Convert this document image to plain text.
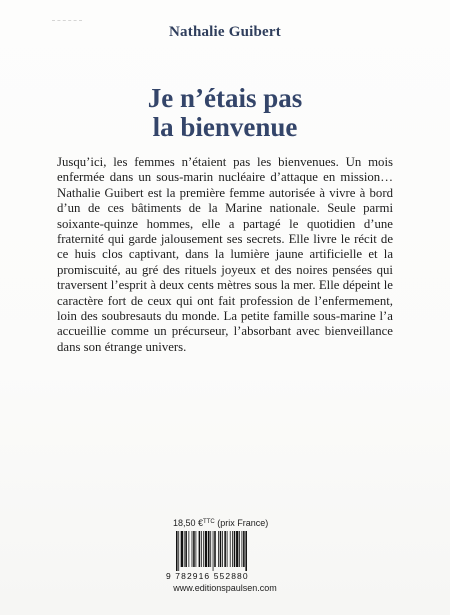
Nathalie Guibert
Je n’étais pas
la bienvenue

Jusqu’ici, les femmes n’étaient pas les bienvenues. Un mois enfermée dans un sous-marin nucléaire d’attaque en mission… Nathalie Guibert est la première femme autorisée à vivre à bord d’un de ces bâtiments de la Marine nationale. Seule parmi soixante-quinze hommes, elle a partagé le quotidien d’une fraternité qui garde jalousement ses secrets. Elle livre le récit de ce huis clos captivant, dans la lumière jaune artificielle et la promiscuité, au gré des rituels joyeux et des noires pensées qui traversent l’esprit à deux cents mètres sous la mer. Elle dépeint le caractère fort de ceux qui ont fait profession de l’enfermement, loin des soubresauts du monde. La petite famille sous-marine l’a accueillie comme un précurseur, l’absorbant avec bienveillance dans son étrange univers.

18,50 €$^{TTC}$ (prix France)
9 782916 552880
www.editionspaulsen.com
